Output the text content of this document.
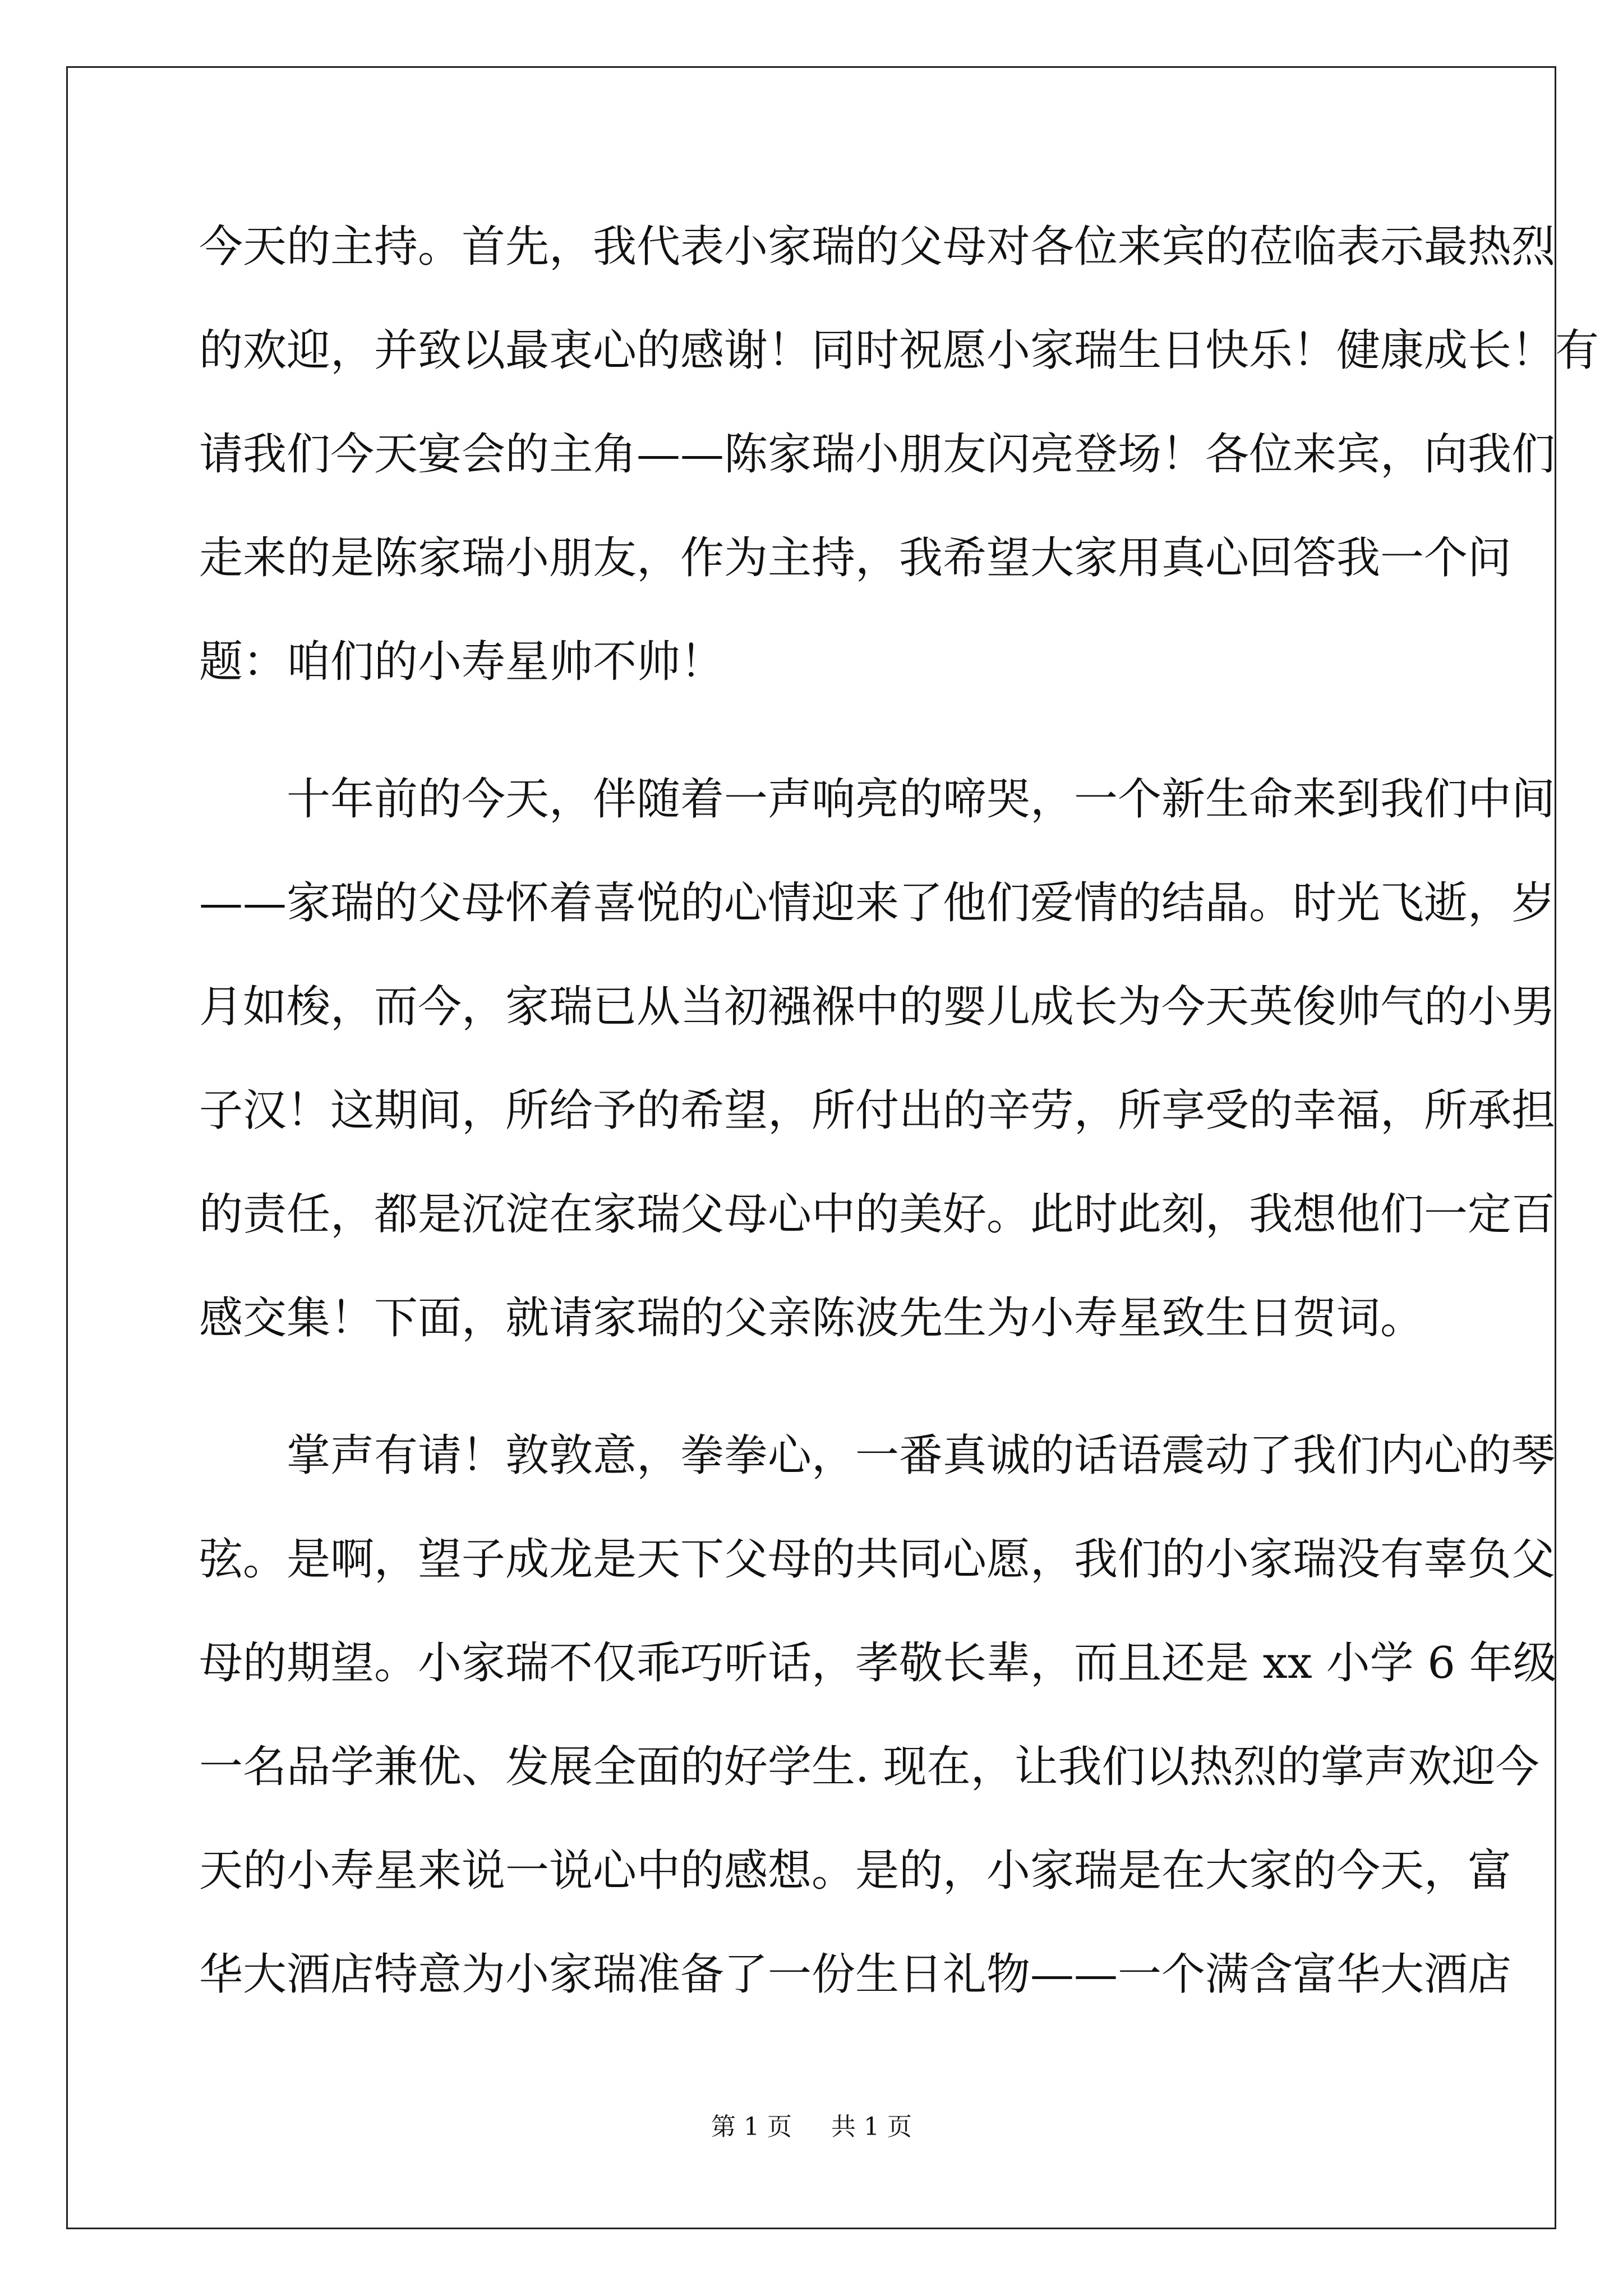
今天的主持。首先，我代表小家瑞的父母对各位来宾的莅临表示最热烈
的欢迎，并致以最衷心的感谢！同时祝愿小家瑞生日快乐！健康成长！有
请我们今天宴会的主角——陈家瑞小朋友闪亮登场！各位来宾，向我们
走来的是陈家瑞小朋友，作为主持，我希望大家用真心回答我一个问
题：咱们的小寿星帅不帅！
十年前的今天，伴随着一声响亮的啼哭，一个新生命来到我们中间
——家瑞的父母怀着喜悦的心情迎来了他们爱情的结晶。时光飞逝，岁
月如梭，而今，家瑞已从当初襁褓中的婴儿成长为今天英俊帅气的小男
子汉！这期间，所给予的希望，所付出的辛劳，所享受的幸福，所承担
的责任，都是沉淀在家瑞父母心中的美好。此时此刻，我想他们一定百
感交集！下面，就请家瑞的父亲陈波先生为小寿星致生日贺词。
掌声有请！敦敦意，拳拳心，一番真诚的话语震动了我们内心的琴
弦。是啊，望子成龙是天下父母的共同心愿，我们的小家瑞没有辜负父
母的期望。小家瑞不仅乖巧听话，孝敬长辈，而且还是 xx 小学 6 年级
一名品学兼优、发展全面的好学生. 现在，让我们以热烈的掌声欢迎今
天的小寿星来说一说心中的感想。是的，小家瑞是在大家的今天，富
华大酒店特意为小家瑞准备了一份生日礼物——一个满含富华大酒店
第 1 页 共 1 页
